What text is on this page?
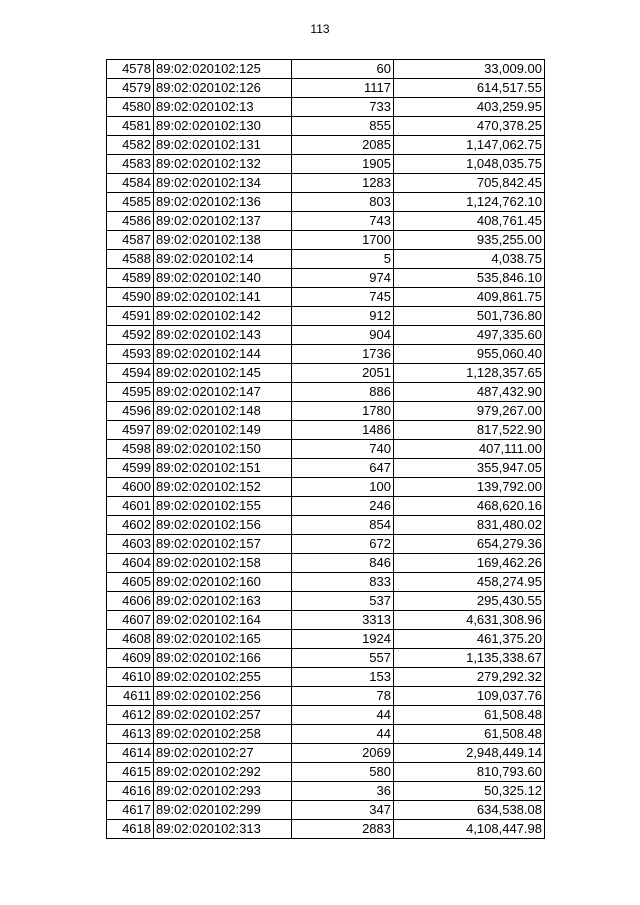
113
4578	89:02:020102:125	60	33,009.00
4579	89:02:020102:126	1117	614,517.55
4580	89:02:020102:13	733	403,259.95
4581	89:02:020102:130	855	470,378.25
4582	89:02:020102:131	2085	1,147,062.75
4583	89:02:020102:132	1905	1,048,035.75
4584	89:02:020102:134	1283	705,842.45
4585	89:02:020102:136	803	1,124,762.10
4586	89:02:020102:137	743	408,761.45
4587	89:02:020102:138	1700	935,255.00
4588	89:02:020102:14	5	4,038.75
4589	89:02:020102:140	974	535,846.10
4590	89:02:020102:141	745	409,861.75
4591	89:02:020102:142	912	501,736.80
4592	89:02:020102:143	904	497,335.60
4593	89:02:020102:144	1736	955,060.40
4594	89:02:020102:145	2051	1,128,357.65
4595	89:02:020102:147	886	487,432.90
4596	89:02:020102:148	1780	979,267.00
4597	89:02:020102:149	1486	817,522.90
4598	89:02:020102:150	740	407,111.00
4599	89:02:020102:151	647	355,947.05
4600	89:02:020102:152	100	139,792.00
4601	89:02:020102:155	246	468,620.16
4602	89:02:020102:156	854	831,480.02
4603	89:02:020102:157	672	654,279.36
4604	89:02:020102:158	846	169,462.26
4605	89:02:020102:160	833	458,274.95
4606	89:02:020102:163	537	295,430.55
4607	89:02:020102:164	3313	4,631,308.96
4608	89:02:020102:165	1924	461,375.20
4609	89:02:020102:166	557	1,135,338.67
4610	89:02:020102:255	153	279,292.32
4611	89:02:020102:256	78	109,037.76
4612	89:02:020102:257	44	61,508.48
4613	89:02:020102:258	44	61,508.48
4614	89:02:020102:27	2069	2,948,449.14
4615	89:02:020102:292	580	810,793.60
4616	89:02:020102:293	36	50,325.12
4617	89:02:020102:299	347	634,538.08
4618	89:02:020102:313	2883	4,108,447.98
